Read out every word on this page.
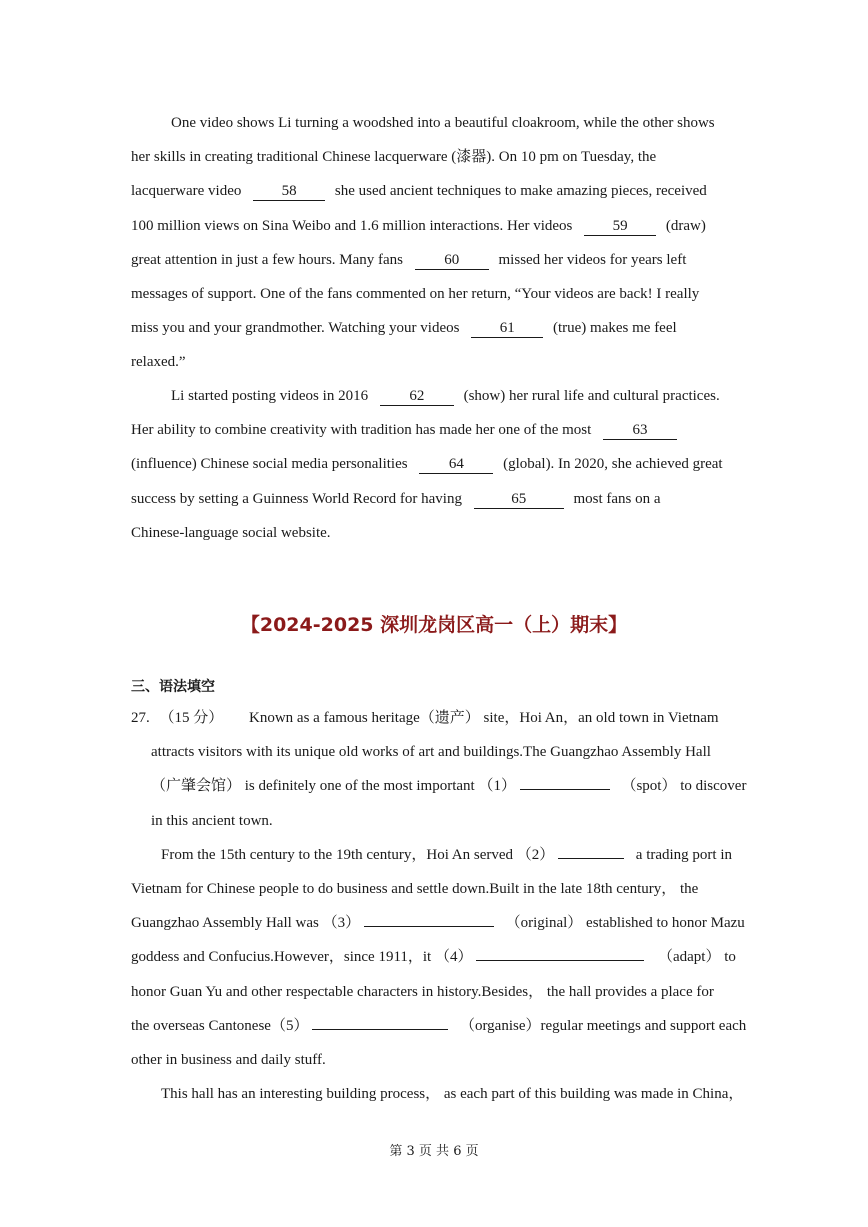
One video shows Li turning a woodshed into a beautiful cloakroom, while the other shows
her skills in creating traditional Chinese lacquerware (漆器). On 10 pm on Tuesday, the
lacquerware video	58	she used ancient techniques to make amazing pieces, received
100 million views on Sina Weibo and 1.6 million interactions. Her videos	59	(draw)
great attention in just a few hours. Many fans	60	missed her videos for years left
messages of support. One of the fans commented on her return, “Your videos are back! I really
miss you and your grandmother. Watching your videos	61	(true) makes me feel
relaxed.”
Li started posting videos in 2016	62	(show) her rural life and cultural practices.
Her ability to combine creativity with tradition has made her one of the most	63
(influence) Chinese social media personalities	64	(global). In 2020, she achieved great
success by setting a Guinness World Record for having	65	most fans on a
Chinese-language social website.
【2024-2025 深圳龙岗区高一（上）期末】
三、语法填空
27. （15 分） Known as a famous heritage（遗产） site，Hoi An，an old town in Vietnam
attracts visitors with its unique old works of art and buildings.The Guangzhao Assembly Hall
（广肇会馆） is definitely one of the most important （1）	（spot） to discover
in this ancient town.
From the 15th century to the 19th century，Hoi An served （2）	a trading port in
Vietnam for Chinese people to do business and settle down.Built in the late 18th century， the
Guangzhao Assembly Hall was （3）	（original） established to honor Mazu
goddess and Confucius.However，since 1911，it （4）	（adapt） to
honor Guan Yu and other respectable characters in history.Besides， the hall provides a place for
the overseas Cantonese（5）	（organise）regular meetings and support each
other in business and daily stuff.
This hall has an interesting building process， as each part of this building was made in China，
第 3 页 共 6 页
